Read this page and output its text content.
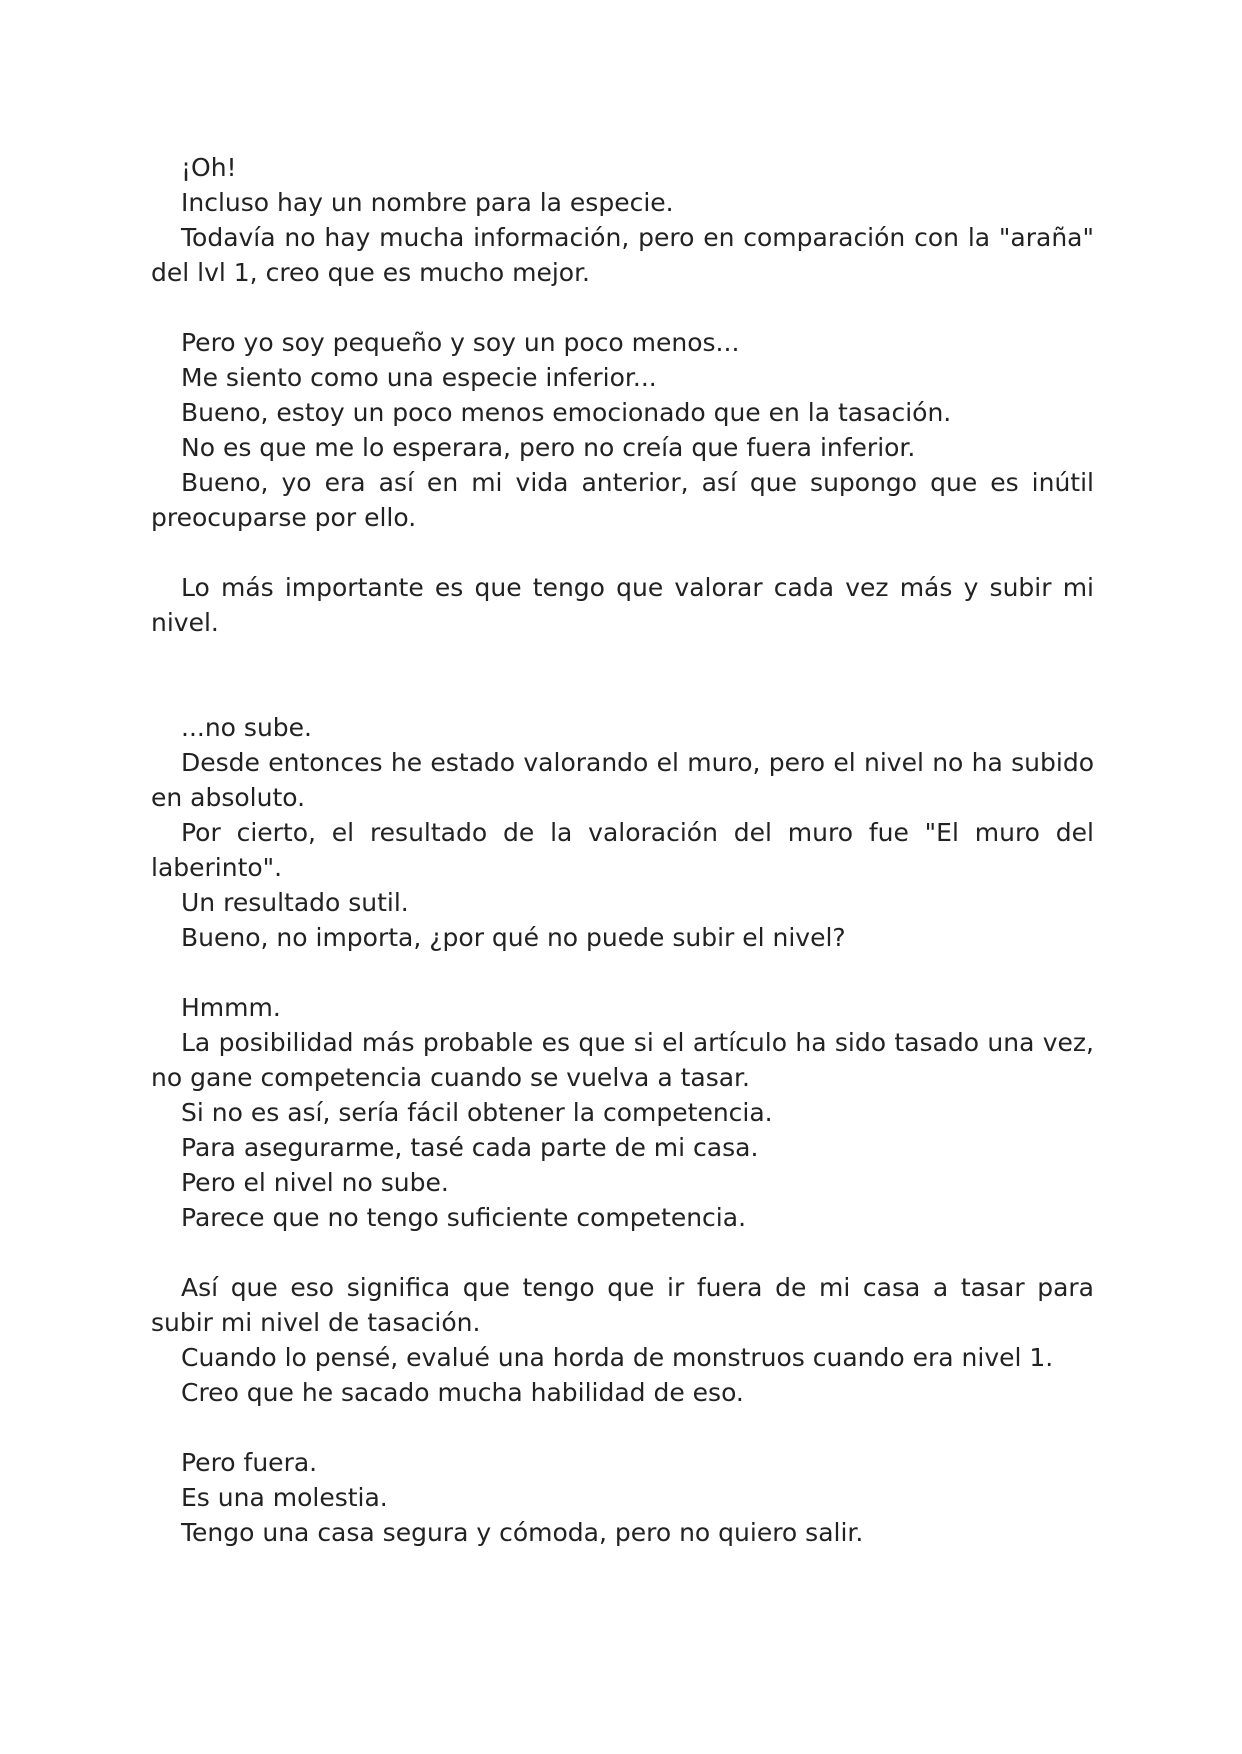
¡Oh!

Incluso hay un nombre para la especie.

Todavía no hay mucha información, pero en comparación con la "araña" del lvl 1, creo que es mucho mejor.

Pero yo soy pequeño y soy un poco menos...

Me siento como una especie inferior...

Bueno, estoy un poco menos emocionado que en la tasación.

No es que me lo esperara, pero no creía que fuera inferior.

Bueno, yo era así en mi vida anterior, así que supongo que es inútil preocuparse por ello.

Lo más importante es que tengo que valorar cada vez más y subir mi nivel.

...no sube.

Desde entonces he estado valorando el muro, pero el nivel no ha subido en absoluto.

Por cierto, el resultado de la valoración del muro fue "El muro del laberinto".

Un resultado sutil.

Bueno, no importa, ¿por qué no puede subir el nivel?

Hmmm.

La posibilidad más probable es que si el artículo ha sido tasado una vez, no gane competencia cuando se vuelva a tasar.

Si no es así, sería fácil obtener la competencia.

Para asegurarme, tasé cada parte de mi casa.

Pero el nivel no sube.

Parece que no tengo suficiente competencia.

Así que eso significa que tengo que ir fuera de mi casa a tasar para subir mi nivel de tasación.

Cuando lo pensé, evalué una horda de monstruos cuando era nivel 1.

Creo que he sacado mucha habilidad de eso.

Pero fuera.

Es una molestia.

Tengo una casa segura y cómoda, pero no quiero salir.
